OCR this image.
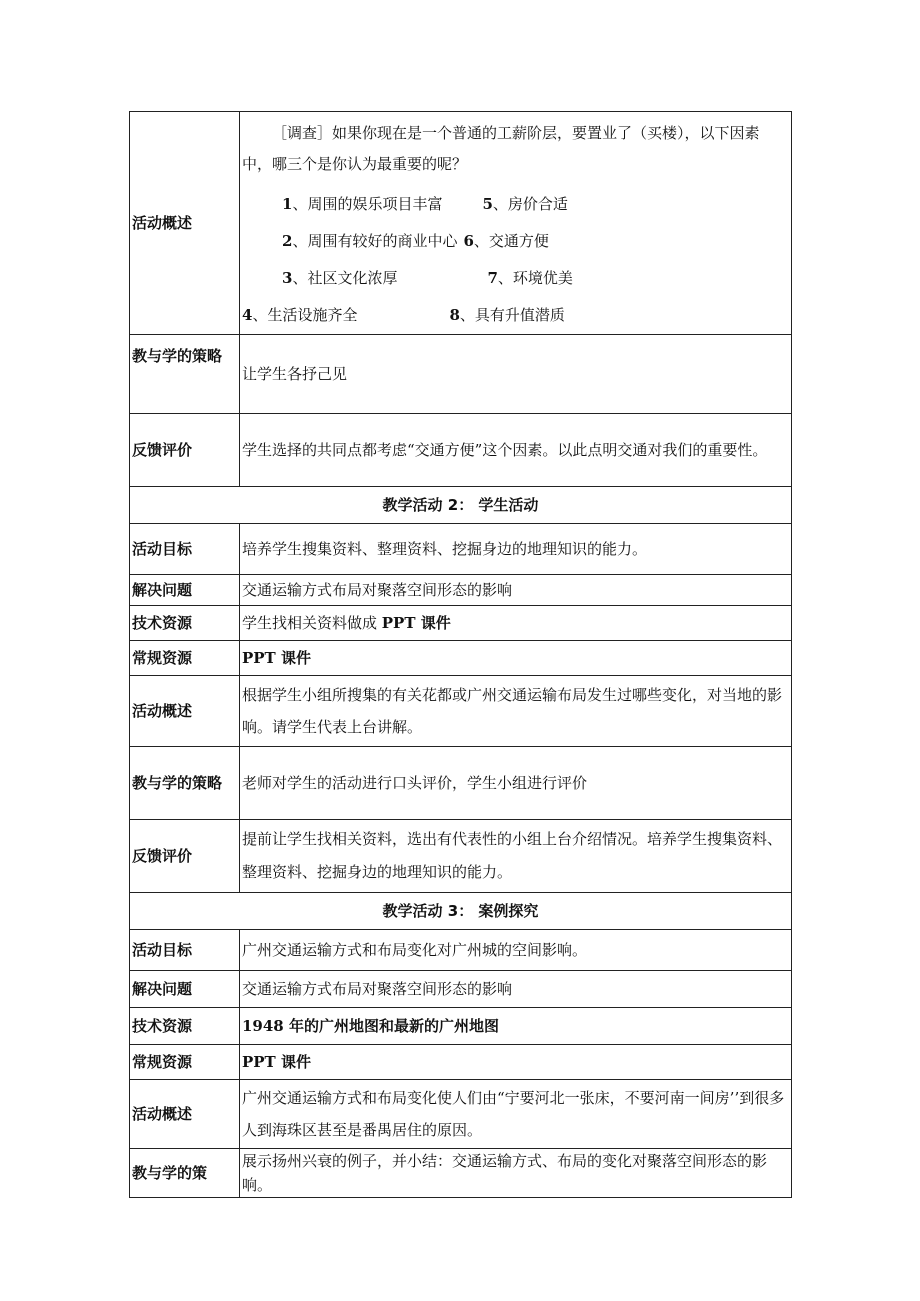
活动概述	［调查］如果你现在是一个普通的工薪阶层，要置业了（买楼），以下因素中，哪三个是你认为最重要的呢？

1、周围的娱乐项目丰富 5、房价合适

2、周围有较好的商业中心 6、交通方便

3、社区文化浓厚 7、环境优美

4、生活设施齐全 8、具有升值潜质

教与学的策略	让学生各抒己见
反馈评价	学生选择的共同点都考虑“交通方便”这个因素。以此点明交通对我们的重要性。

教学活动 2： 学生活动	
活动目标	培养学生搜集资料、整理资料、挖掘身边的地理知识的能力。
解决问题	交通运输方式布局对聚落空间形态的影响
技术资源	学生找相关资料做成 PPT 课件
常规资源	PPT 课件
活动概述	根据学生小组所搜集的有关花都或广州交通运输布局发生过哪些变化，对当地的影响。请学生代表上台讲解。

教与学的策略	老师对学生的活动进行口头评价，学生小组进行评价
反馈评价	提前让学生找相关资料，选出有代表性的小组上台介绍情况。培养学生搜集资料、整理资料、挖掘身边的地理知识的能力。

教学活动 3： 案例探究	
活动目标	广州交通运输方式和布局变化对广州城的空间影响。
解决问题	交通运输方式布局对聚落空间形态的影响
技术资源	1948 年的广州地图和最新的广州地图
常规资源	PPT 课件
活动概述	广州交通运输方式和布局变化使人们由“宁要河北一张床，不要河南一间房’’到很多人到海珠区甚至是番禺居住的原因。

教与学的策	展示扬州兴衰的例子，并小结：交通运输方式、布局的变化对聚落空间形态的影响。
